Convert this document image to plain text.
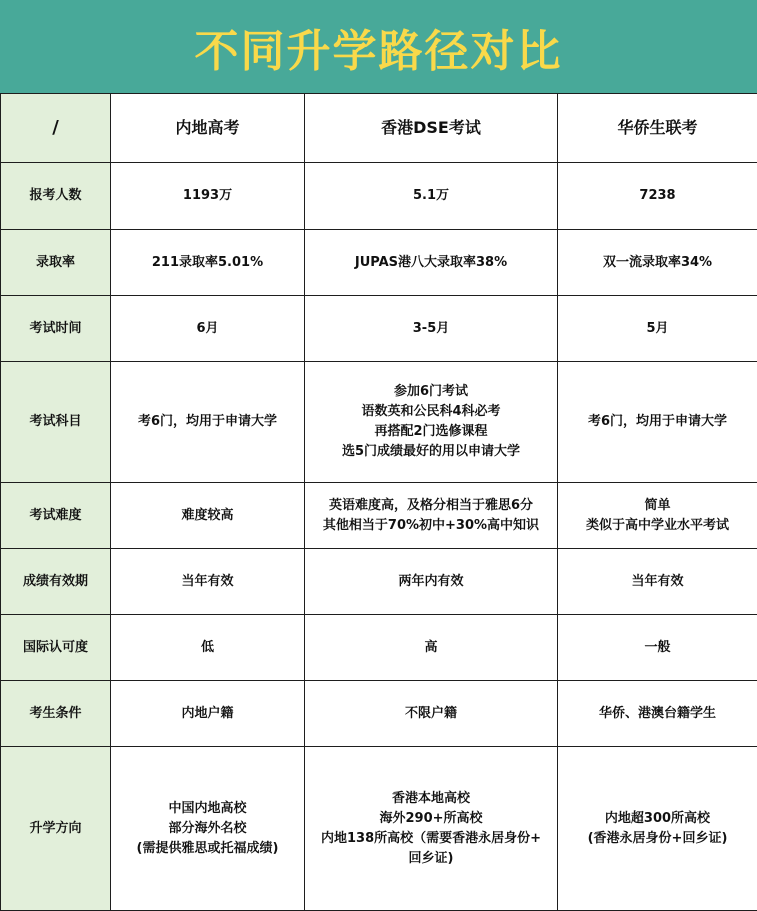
不同升学路径对比
/	内地高考	香港DSE考试	华侨生联考
报考人数	1193万	5.1万	7238

录取率	211录取率5.01%	JUPAS港八大录取率38%	双一流录取率34%

考试时间	6月	3-5月	5月

考试科目	考6门，均用于申请大学	参加6门考试
语数英和公民科4科必考
再搭配2门选修课程
选5门成绩最好的用以申请大学	考6门，均用于申请大学

考试难度	难度较高	英语难度高，及格分相当于雅思6分
其他相当于70%初中+30%高中知识	简单
类似于高中学业水平考试

成绩有效期	当年有效	两年内有效	当年有效

国际认可度	低	高	一般

考生条件	内地户籍	不限户籍	华侨、港澳台籍学生

升学方向	中国内地高校
部分海外名校
(需提供雅思或托福成绩)	香港本地高校
海外290+所高校
内地138所高校（需要香港永居身份+
回乡证)	内地超300所高校
(香港永居身份+回乡证)
